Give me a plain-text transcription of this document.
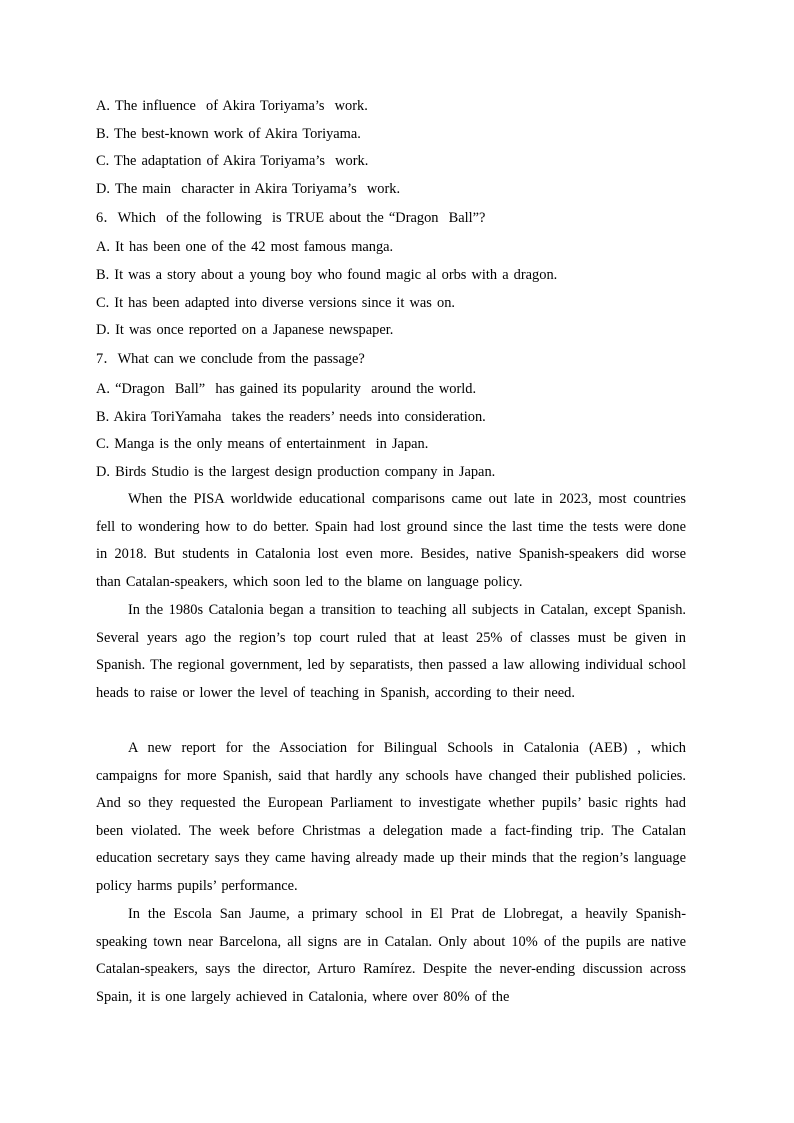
A. The influence  of Akira Toriyama’s  work.
B. The best-known work of Akira Toriyama.
C. The adaptation of Akira Toriyama’s  work.
D. The main  character in Akira Toriyama’s  work.
6．Which  of the following  is TRUE about the “Dragon  Ball”?
A. It has been one of the 42 most famous manga.
B. It was a story about a young boy who found magic al orbs with a dragon.
C. It has been adapted into diverse versions since it was on.
D. It was once reported on a Japanese newspaper.
7．What can we conclude from the passage?
A. “Dragon  Ball”  has gained its popularity  around the world.
B. Akira ToriYamaha  takes the readers’ needs into consideration.
C. Manga is the only means of entertainment  in Japan.
D. Birds Studio is the largest design production company in Japan.
When the PISA worldwide educational comparisons came out late in 2023, most countries fell to wondering how to do better. Spain had lost ground since the last time the tests were done in 2018. But students in Catalonia lost even more. Besides, native Spanish-speakers did worse than Catalan-speakers, which soon led to the blame on language policy.
In the 1980s Catalonia began a transition to teaching all subjects in Catalan, except Spanish. Several years ago the region’s top court ruled that at least 25% of classes must be given in Spanish. The regional government, led by separatists, then passed a law allowing individual school heads to raise or lower the level of teaching in Spanish, according to their need.
A new report for the Association for Bilingual Schools in Catalonia (AEB) , which campaigns for more Spanish, said that hardly any schools have changed their published policies. And so they requested the European Parliament to investigate whether pupils’ basic rights had been violated. The week before Christmas a delegation made a fact-finding trip. The Catalan education secretary says they came having already made up their minds that the region’s language policy harms pupils’ performance.
In the Escola San Jaume, a primary school in El Prat de Llobregat, a heavily Spanish-speaking town near Barcelona, all signs are in Catalan. Only about 10% of the pupils are native Catalan-speakers, says the director, Arturo Ramírez. Despite the never-ending discussion across Spain, it is one largely achieved in Catalonia, where over 80% of the
